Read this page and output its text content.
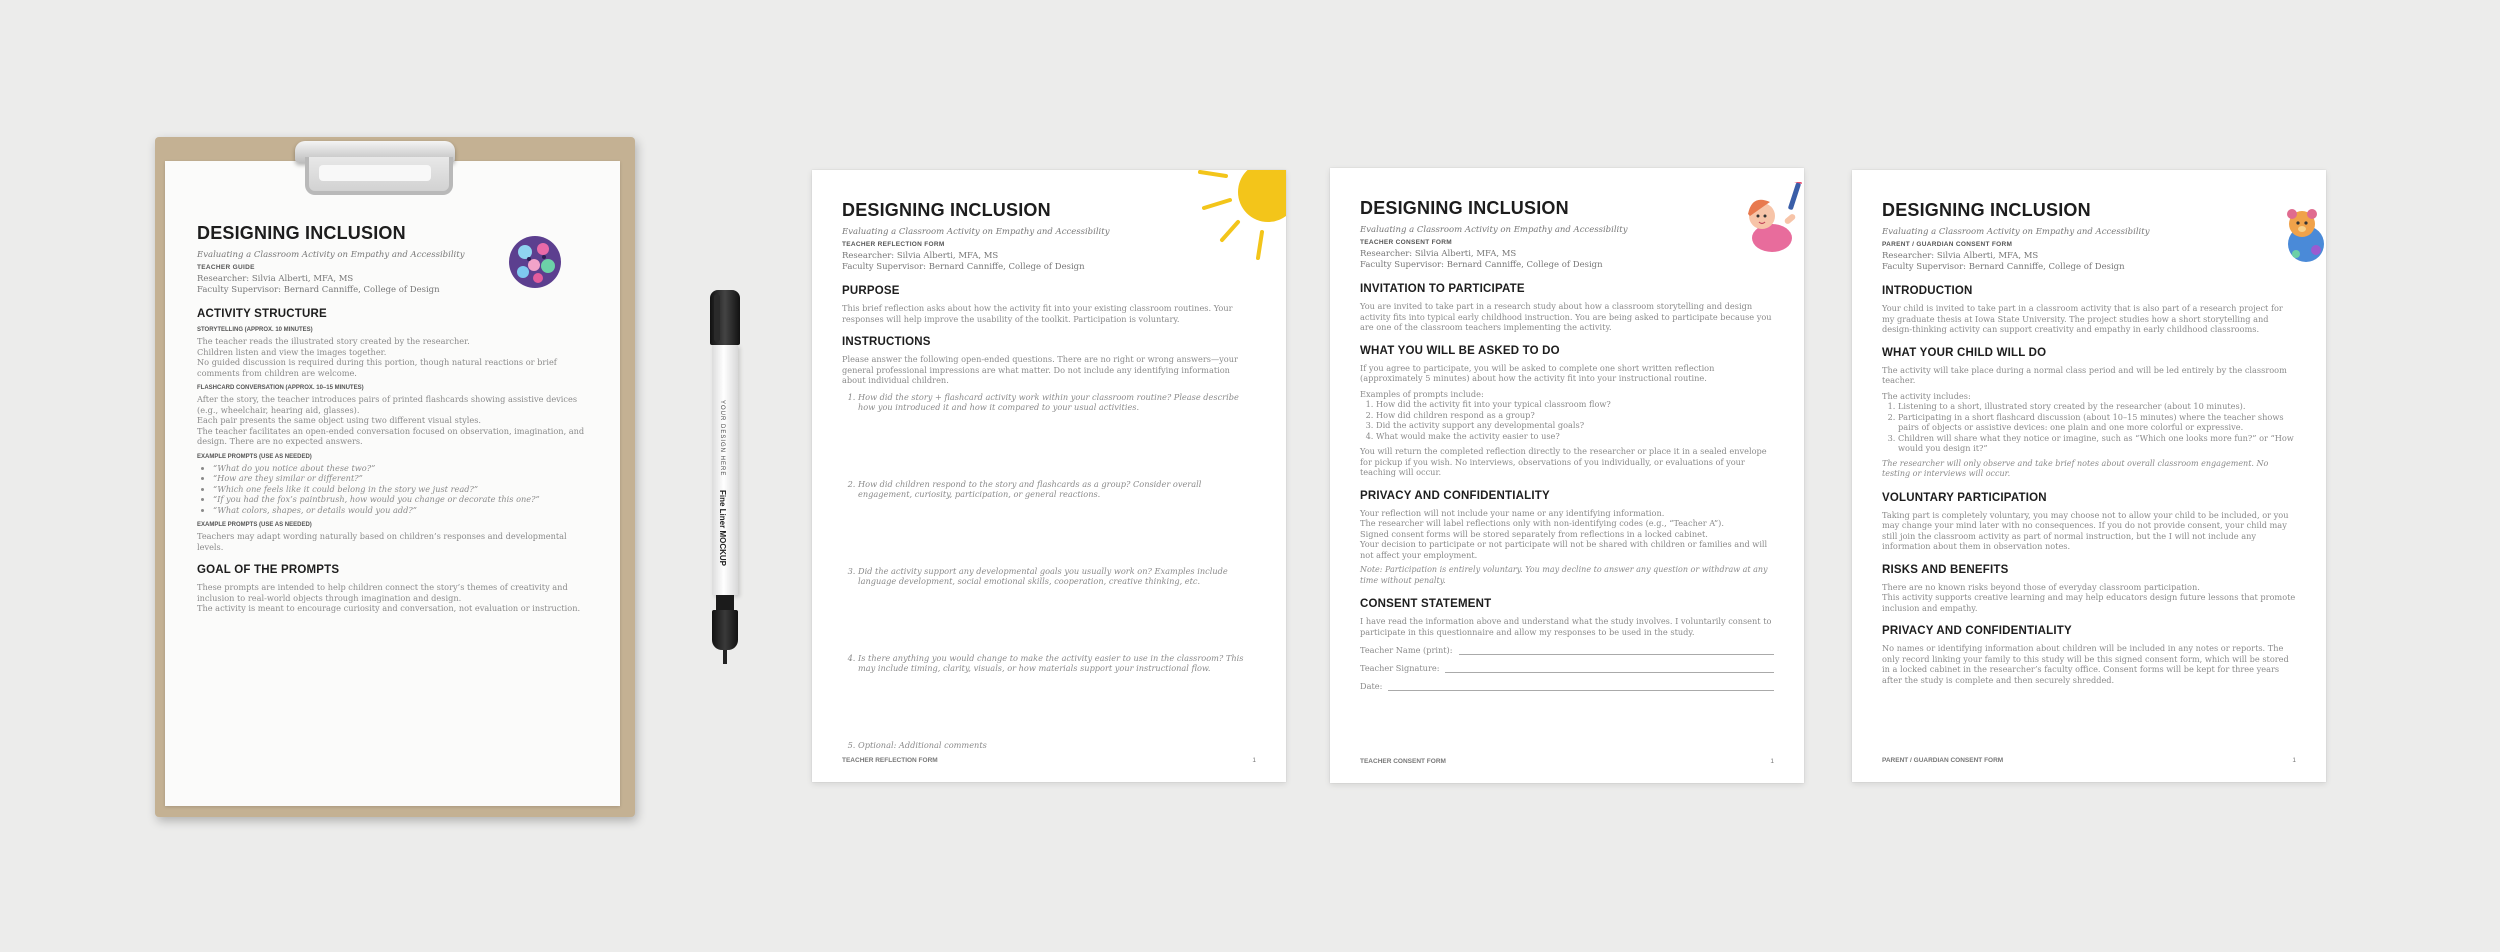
DESIGNING INCLUSION
Evaluating a Classroom Activity on Empathy and Accessibility
TEACHER GUIDE

Researcher: Silvia Alberti, MFA, MS

Faculty Supervisor: Bernard Canniffe, College of Design

ACTIVITY STRUCTURE
STORYTELLING (APPROX. 10 MINUTES)

The teacher reads the illustrated story created by the researcher.

Children listen and view the images together.

No guided discussion is required during this portion, though natural reactions or brief comments from children are welcome.

FLASHCARD CONVERSATION (APPROX. 10–15 MINUTES)

After the story, the teacher introduces pairs of printed flashcards showing assistive devices (e.g., wheelchair, hearing aid, glasses).

Each pair presents the same object using two different visual styles.

The teacher facilitates an open-ended conversation focused on observation, imagination, and design. There are no expected answers.

EXAMPLE PROMPTS (USE AS NEEDED)
• “What do you notice about these two?”
• “How are they similar or different?”
• “Which one feels like it could belong in the story we just read?”
• “If you had the fox’s paintbrush, how would you change or decorate this one?”
• “What colors, shapes, or details would you add?”
EXAMPLE PROMPTS (USE AS NEEDED)

Teachers may adapt wording naturally based on children’s responses and developmental levels.

GOAL OF THE PROMPTS

These prompts are intended to help children connect the story’s themes of creativity and inclusion to real-world objects through imagination and design.

The activity is meant to encourage curiosity and conversation, not evaluation or instruction.

YOUR DESIGN HERE
Fine Liner MOCKUP
DESIGNING INCLUSION
Evaluating a Classroom Activity on Empathy and Accessibility
TEACHER REFLECTION FORM

Researcher: Silvia Alberti, MFA, MS

Faculty Supervisor: Bernard Canniffe, College of Design

PURPOSE

This brief reflection asks about how the activity fit into your existing classroom routines. Your responses will help improve the usability of the toolkit. Participation is voluntary.

INSTRUCTIONS

Please answer the following open-ended questions. There are no right or wrong answers—your general professional impressions are what matter. Do not include any identifying information about individual children.

1. How did the story + flashcard activity work within your classroom routine? Please describe how you introduced it and how it compared to your usual activities.
2. How did children respond to the story and flashcards as a group? Consider overall engagement, curiosity, participation, or general reactions.
3. Did the activity support any developmental goals you usually work on? Examples include language development, social emotional skills, cooperation, creative thinking, etc.
4. Is there anything you would change to make the activity easier to use in the classroom? This may include timing, clarity, visuals, or how materials support your instructional flow.
5. Optional: Additional comments
TEACHER REFLECTION FORM	1
DESIGNING INCLUSION
Evaluating a Classroom Activity on Empathy and Accessibility
TEACHER CONSENT FORM

Researcher: Silvia Alberti, MFA, MS

Faculty Supervisor: Bernard Canniffe, College of Design

INVITATION TO PARTICIPATE

You are invited to take part in a research study about how a classroom storytelling and design activity fits into typical early childhood instruction. You are being asked to participate because you are one of the classroom teachers implementing the activity.

WHAT YOU WILL BE ASKED TO DO

If you agree to participate, you will be asked to complete one short written reflection (approximately 5 minutes) about how the activity fit into your instructional routine.

Examples of prompts include:

1. How did the activity fit into your typical classroom flow?
2. How did children respond as a group?
3. Did the activity support any developmental goals?
4. What would make the activity easier to use?

You will return the completed reflection directly to the researcher or place it in a sealed envelope for pickup if you wish. No interviews, observations of you individually, or evaluations of your teaching will occur.

PRIVACY AND CONFIDENTIALITY

Your reflection will not include your name or any identifying information.

The researcher will label reflections only with non-identifying codes (e.g., “Teacher A”).

Signed consent forms will be stored separately from reflections in a locked cabinet.

Your decision to participate or not participate will not be shared with children or families and will not affect your employment.

Note: Participation is entirely voluntary. You may decline to answer any question or withdraw at any time without penalty.

CONSENT STATEMENT

I have read the information above and understand what the study involves. I voluntarily consent to participate in this questionnaire and allow my responses to be used in the study.

Teacher Name (print):
Teacher Signature:
Date:
TEACHER CONSENT FORM	1
DESIGNING INCLUSION
Evaluating a Classroom Activity on Empathy and Accessibility
PARENT / GUARDIAN CONSENT FORM

Researcher: Silvia Alberti, MFA, MS

Faculty Supervisor: Bernard Canniffe, College of Design

INTRODUCTION

Your child is invited to take part in a classroom activity that is also part of a research project for my graduate thesis at Iowa State University. The project studies how a short storytelling and design-thinking activity can support creativity and empathy in early childhood classrooms.

WHAT YOUR CHILD WILL DO

The activity will take place during a normal class period and will be led entirely by the classroom teacher.

The activity includes:

1. Listening to a short, illustrated story created by the researcher (about 10 minutes).
2. Participating in a short flashcard discussion (about 10–15 minutes) where the teacher shows pairs of objects or assistive devices: one plain and one more colorful or expressive.
3. Children will share what they notice or imagine, such as “Which one looks more fun?” or “How would you design it?”

The researcher will only observe and take brief notes about overall classroom engagement. No testing or interviews will occur.

VOLUNTARY PARTICIPATION

Taking part is completely voluntary, you may choose not to allow your child to be included, or you may change your mind later with no consequences. If you do not provide consent, your child may still join the classroom activity as part of normal instruction, but the I will not include any information about them in observation notes.

RISKS AND BENEFITS

There are no known risks beyond those of everyday classroom participation.

This activity supports creative learning and may help educators design future lessons that promote inclusion and empathy.

PRIVACY AND CONFIDENTIALITY

No names or identifying information about children will be included in any notes or reports. The only record linking your family to this study will be this signed consent form, which will be stored in a locked cabinet in the researcher’s faculty office. Consent forms will be kept for three years after the study is complete and then securely shredded.

PARENT / GUARDIAN CONSENT FORM	1
